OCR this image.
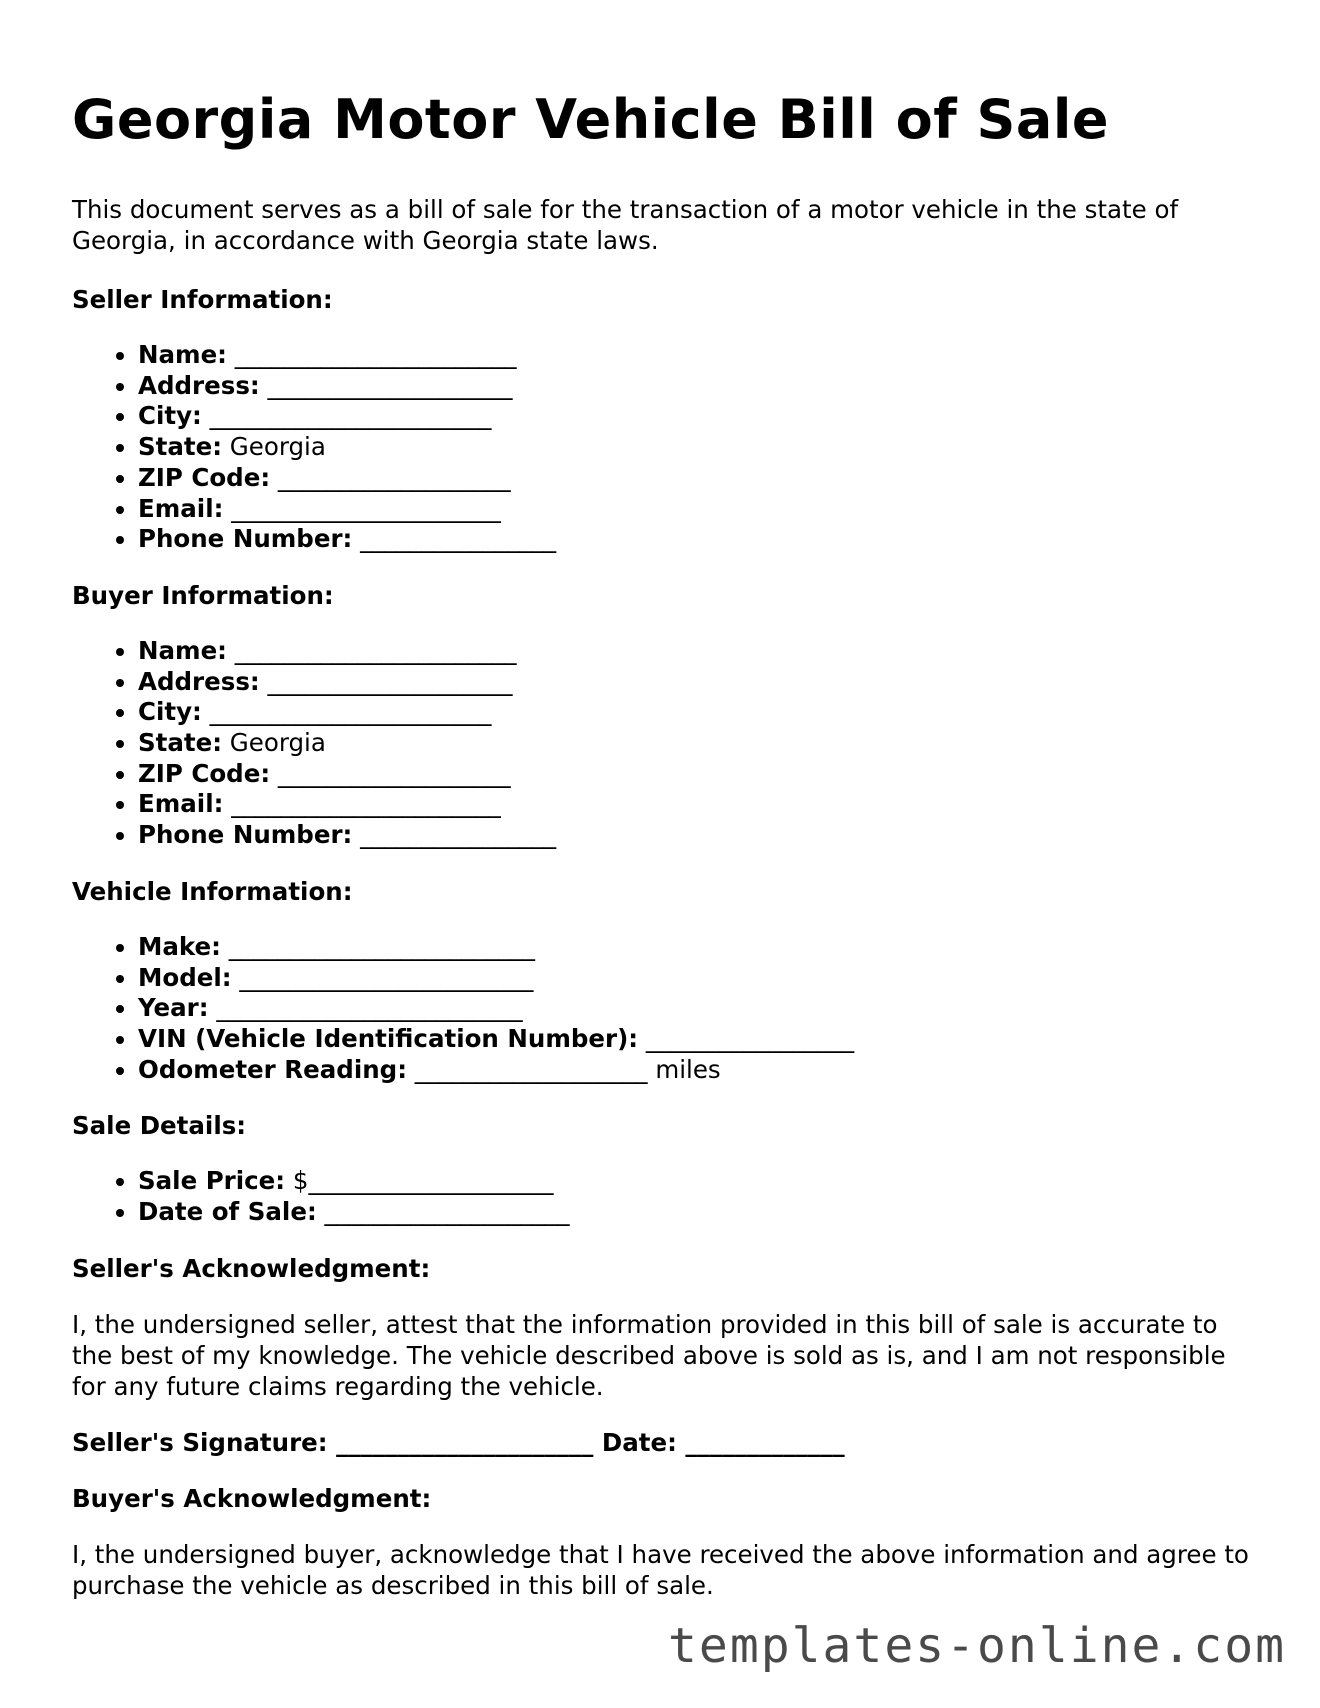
Georgia Motor Vehicle Bill of Sale

This document serves as a bill of sale for the transaction of a motor vehicle in the state of Georgia, in accordance with Georgia state laws.

Seller Information:
• Name: _______________________
• Address: ____________________
• City: _______________________
• State: Georgia
• ZIP Code: ___________________
• Email: ______________________
• Phone Number: ________________
Buyer Information:
• Name: _______________________
• Address: ____________________
• City: _______________________
• State: Georgia
• ZIP Code: ___________________
• Email: ______________________
• Phone Number: ________________
Vehicle Information:
• Make: _________________________
• Model: ________________________
• Year: _________________________
• VIN (Vehicle Identification Number): _________________
• Odometer Reading: ___________________ miles
Sale Details:
• Sale Price: $____________________
• Date of Sale: ____________________
Seller's Acknowledgment:

I, the undersigned seller, attest that the information provided in this bill of sale is accurate to the best of my knowledge. The vehicle described above is sold as is, and I am not responsible for any future claims regarding the vehicle.

Seller's Signature: _____________________ Date: _____________
Buyer's Acknowledgment:

I, the undersigned buyer, acknowledge that I have received the above information and agree to purchase the vehicle as described in this bill of sale.

templates-online.com
